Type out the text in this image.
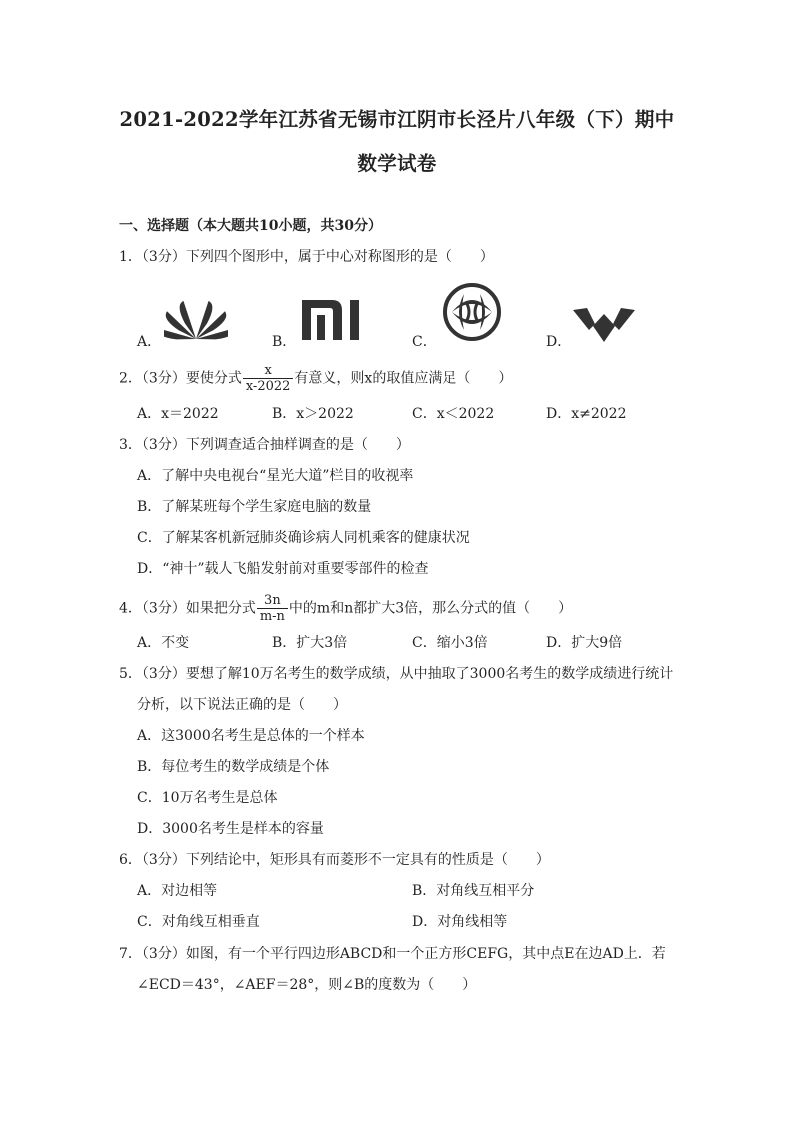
2021-2022学年江苏省无锡市江阴市长泾片八年级（下）期中
数学试卷
一、选择题（本大题共10小题，共30分）
1．（3分）下列四个图形中，属于中心对称图形的是（　　）
A．	B．	C．	D．
2．（3分）要使分式 $\frac{x}{x-2022}$ 有意义，则x的取值应满足（　　）
A．x＝2022	B．x＞2022	C．x＜2022	D．x≠2022
3．（3分）下列调查适合抽样调查的是（　　）
A．了解中央电视台“星光大道”栏目的收视率
B．了解某班每个学生家庭电脑的数量
C．了解某客机新冠肺炎确诊病人同机乘客的健康状况
D．“神十”载人飞船发射前对重要零部件的检查
4．（3分）如果把分式 $\frac{3n}{m-n}$ 中的m和n都扩大3倍，那么分式的值（　　）
A．不变	B．扩大3倍	C．缩小3倍	D．扩大9倍
5．（3分）要想了解10万名考生的数学成绩，从中抽取了3000名考生的数学成绩进行统计
分析，以下说法正确的是（　　）
A．这3000名考生是总体的一个样本
B．每位考生的数学成绩是个体
C．10万名考生是总体
D．3000名考生是样本的容量
6．（3分）下列结论中，矩形具有而菱形不一定具有的性质是（　　）
A．对边相等	B．对角线互相平分
C．对角线互相垂直	D．对角线相等
7．（3分）如图，有一个平行四边形ABCD和一个正方形CEFG，其中点E在边AD上．若
∠ECD＝43°，∠AEF＝28°，则∠B的度数为（　　）
